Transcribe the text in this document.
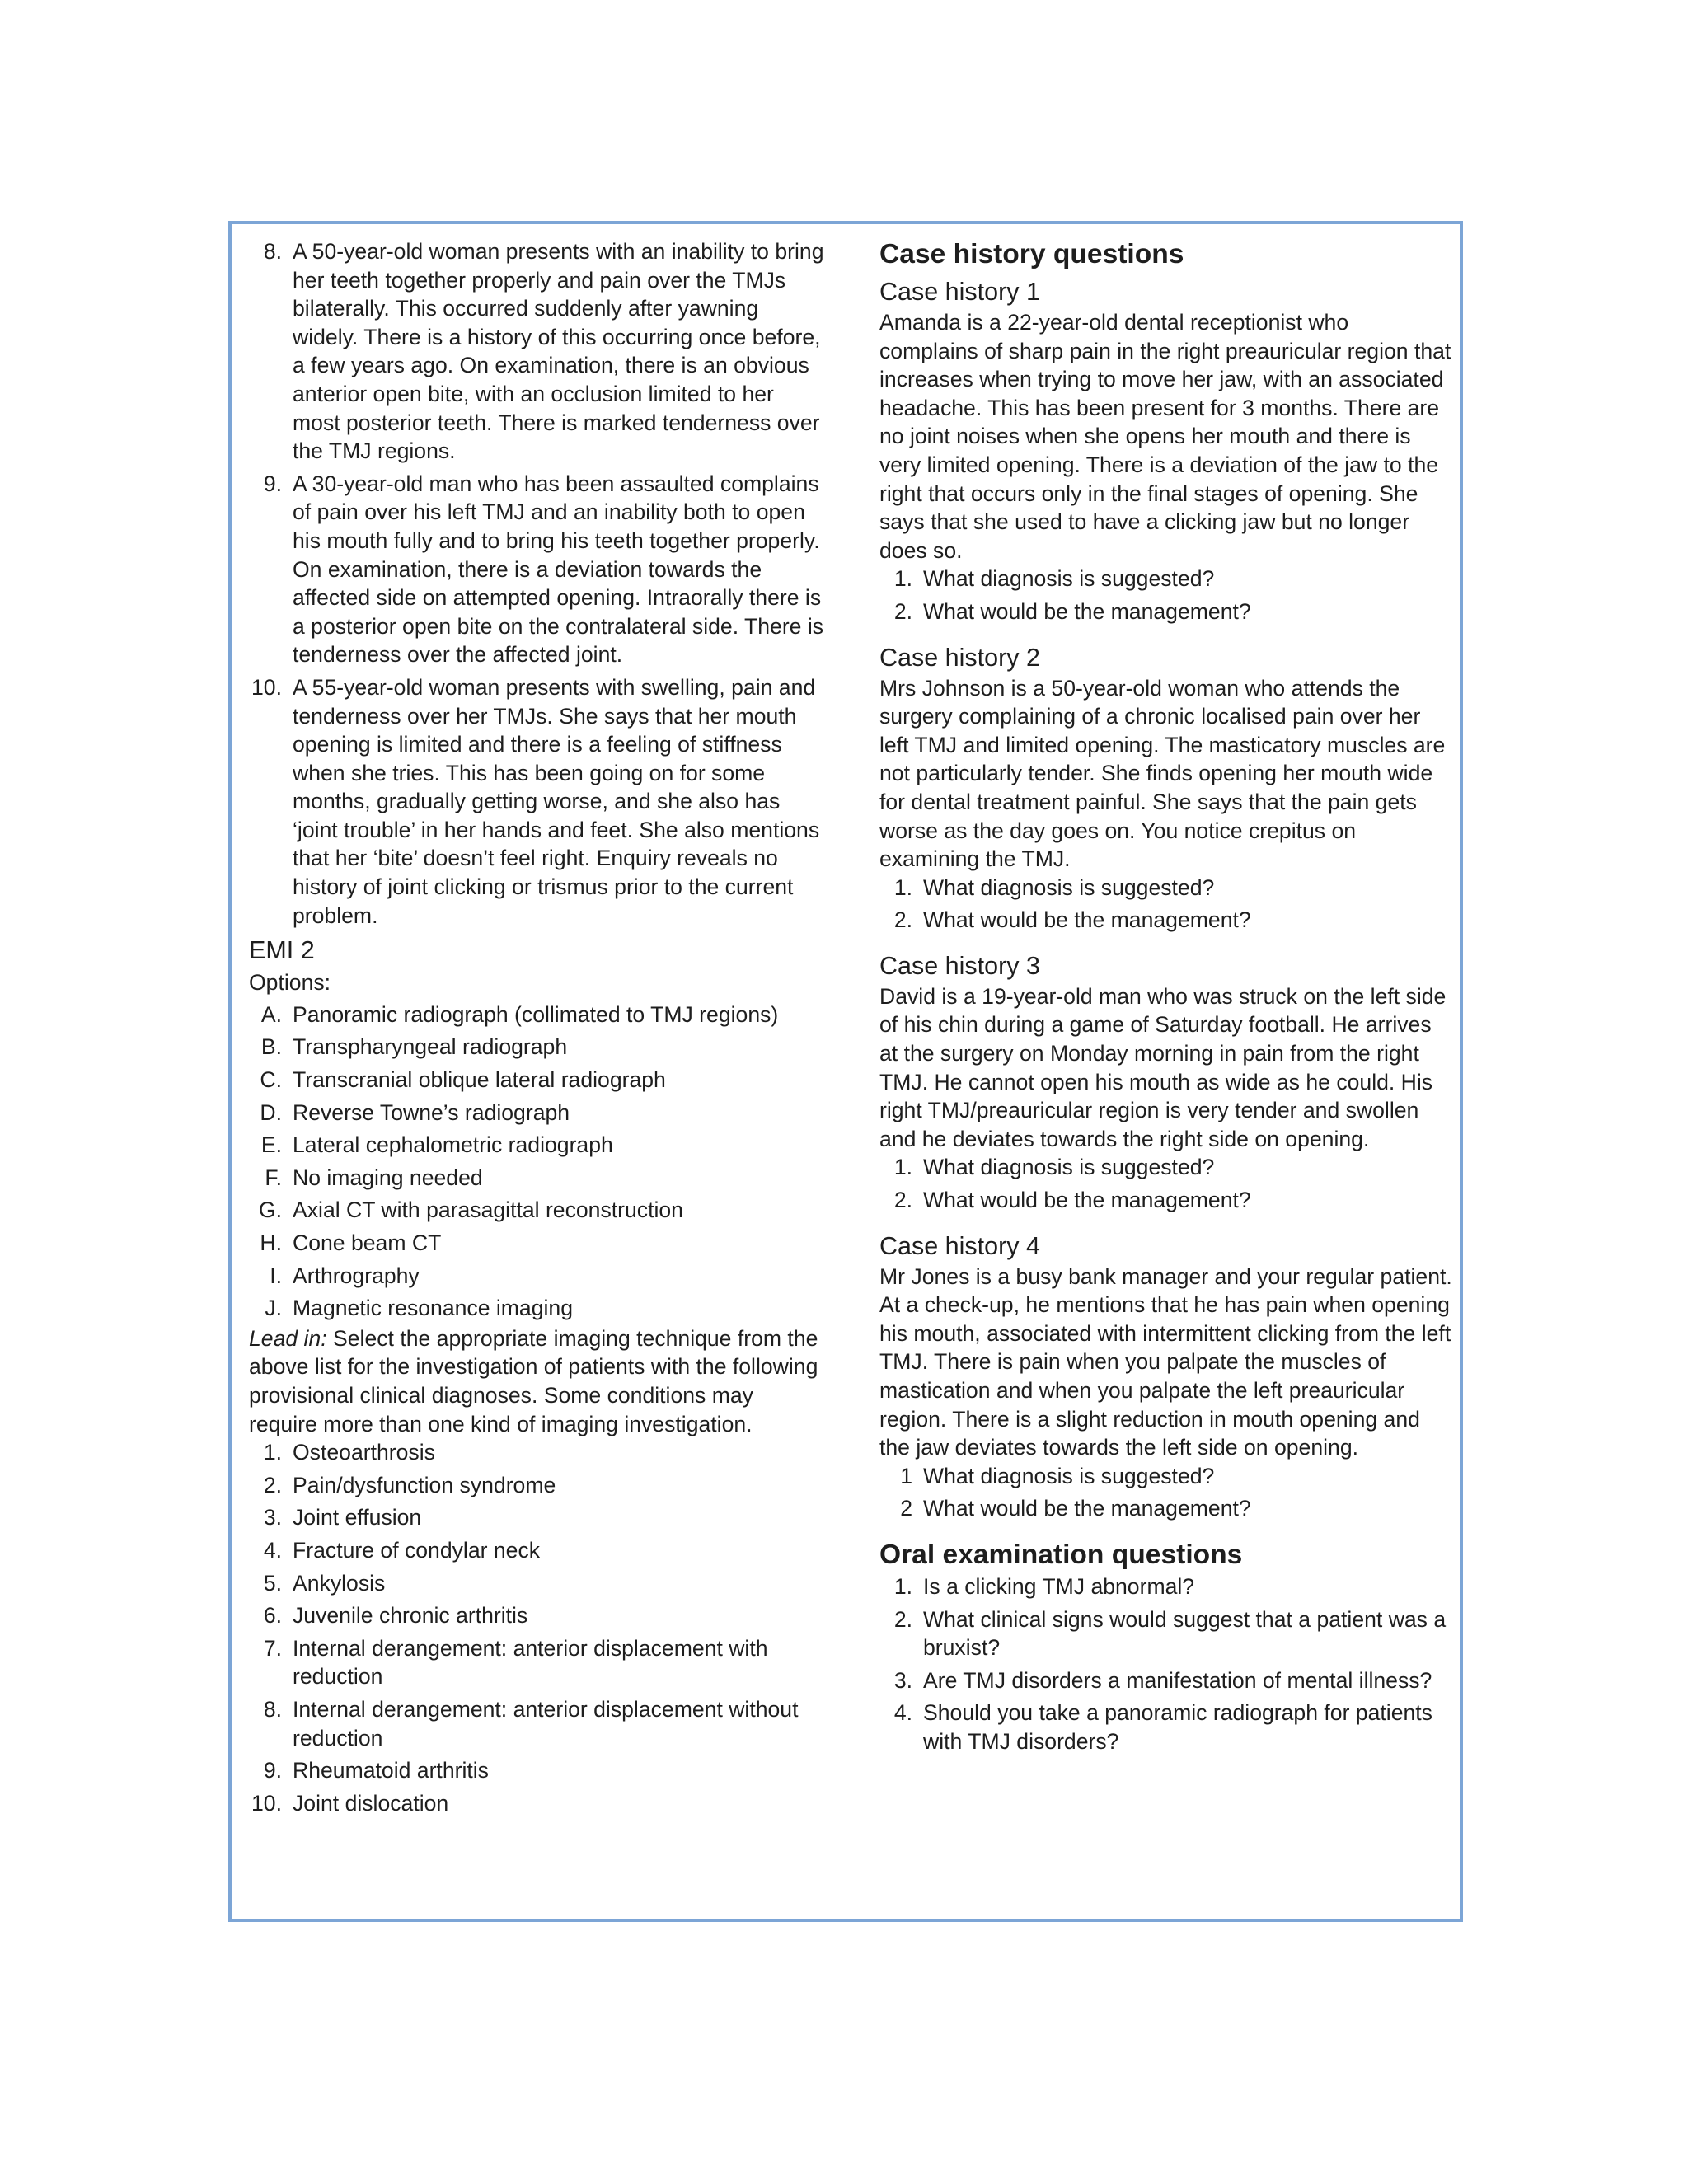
8. A 50-year-old woman presents with an inability to bring her teeth together properly and pain over the TMJs bilaterally. This occurred suddenly after yawning widely. There is a history of this occurring once before, a few years ago. On examination, there is an obvious anterior open bite, with an occlusion limited to her most posterior teeth. There is marked tenderness over the TMJ regions.
9. A 30-year-old man who has been assaulted complains of pain over his left TMJ and an inability both to open his mouth fully and to bring his teeth together properly. On examination, there is a deviation towards the affected side on attempted opening. Intraorally there is a posterior open bite on the contralateral side. There is tenderness over the affected joint.
10. A 55-year-old woman presents with swelling, pain and tenderness over her TMJs. She says that her mouth opening is limited and there is a feeling of stiffness when she tries. This has been going on for some months, gradually getting worse, and she also has ‘joint trouble’ in her hands and feet. She also mentions that her ‘bite’ doesn’t feel right. Enquiry reveals no history of joint clicking or trismus prior to the current problem.
EMI 2
Options:
A. Panoramic radiograph (collimated to TMJ regions)
B. Transpharyngeal radiograph
C. Transcranial oblique lateral radiograph
D. Reverse Towne’s radiograph
E. Lateral cephalometric radiograph
F. No imaging needed
G. Axial CT with parasagittal reconstruction
H. Cone beam CT
I. Arthrography
J. Magnetic resonance imaging

Lead in: Select the appropriate imaging technique from the above list for the investigation of patients with the following provisional clinical diagnoses. Some conditions may require more than one kind of imaging investigation.

1. Osteoarthrosis
2. Pain/dysfunction syndrome
3. Joint effusion
4. Fracture of condylar neck
5. Ankylosis
6. Juvenile chronic arthritis
7. Internal derangement: anterior displacement with reduction
8. Internal derangement: anterior displacement without reduction
9. Rheumatoid arthritis
10. Joint dislocation
Case history questions
Case history 1

Amanda is a 22-year-old dental receptionist who complains of sharp pain in the right preauricular region that increases when trying to move her jaw, with an associated headache. This has been present for 3 months. There are no joint noises when she opens her mouth and there is very limited opening. There is a deviation of the jaw to the right that occurs only in the final stages of opening. She says that she used to have a clicking jaw but no longer does so.

1. What diagnosis is suggested?
2. What would be the management?
Case history 2

Mrs Johnson is a 50-year-old woman who attends the surgery complaining of a chronic localised pain over her left TMJ and limited opening. The masticatory muscles are not particularly tender. She finds opening her mouth wide for dental treatment painful. She says that the pain gets worse as the day goes on. You notice crepitus on examining the TMJ.

1. What diagnosis is suggested?
2. What would be the management?
Case history 3

David is a 19-year-old man who was struck on the left side of his chin during a game of Saturday football. He arrives at the surgery on Monday morning in pain from the right TMJ. He cannot open his mouth as wide as he could. His right TMJ/preauricular region is very tender and swollen and he deviates towards the right side on opening.

1. What diagnosis is suggested?
2. What would be the management?
Case history 4

Mr Jones is a busy bank manager and your regular patient. At a check-up, he mentions that he has pain when opening his mouth, associated with intermittent clicking from the left TMJ. There is pain when you palpate the muscles of mastication and when you palpate the left preauricular region. There is a slight reduction in mouth opening and the jaw deviates towards the left side on opening.

1 What diagnosis is suggested?
2 What would be the management?
Oral examination questions
1. Is a clicking TMJ abnormal?
2. What clinical signs would suggest that a patient was a bruxist?
3. Are TMJ disorders a manifestation of mental illness?
4. Should you take a panoramic radiograph for patients with TMJ disorders?
